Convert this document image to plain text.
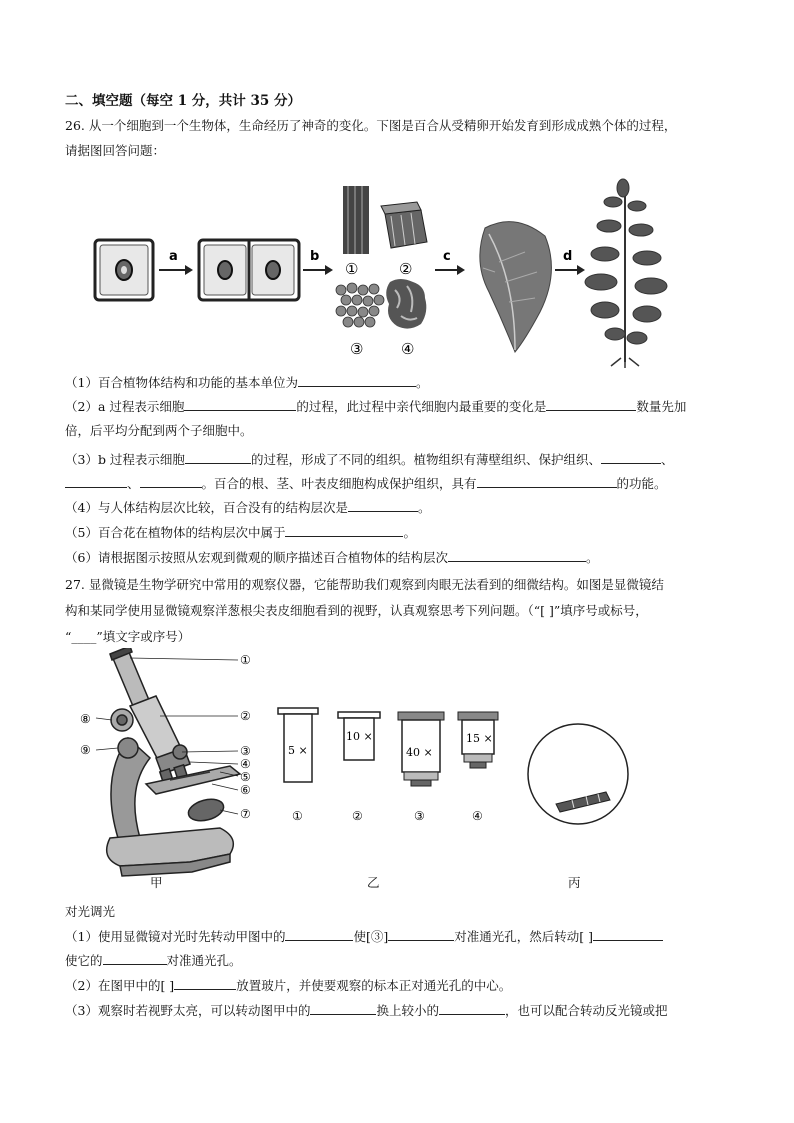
二、填空题（每空 1 分，共计 35 分）
26. 从一个细胞到一个生物体，生命经历了神奇的变化。下图是百合从受精卵开始发育到形成成熟个体的过程，
请据图回答问题：
a	b
①	②
③	④
c	d
（1）百合植物体结构和功能的基本单位为	。
（2）a 过程表示细胞	的过程，此过程中亲代细胞内最重要的变化是	数量先加
倍，后平均分配到两个子细胞中。
（3）b 过程表示细胞	的过程，形成了不同的组织。植物组织有薄壁组织、保护组织、	、
、	。百合的根、茎、叶表皮细胞构成保护组织，具有	的功能。
（4）与人体结构层次比较，百合没有的结构层次是	。
（5）百合花在植物体的结构层次中属于	。
（6）请根据图示按照从宏观到微观的顺序描述百合植物体的结构层次	。
27. 显微镜是生物学研究中常用的观察仪器，它能帮助我们观察到肉眼无法看到的细微结构。如图是显微镜结
构和某同学使用显微镜观察洋葱根尖表皮细胞看到的视野，认真观察思考下列问题。（“[ ]”填序号或标号，
“____”填文字或序号）
①
②
③
④
⑤
⑥
⑦
⑧
⑨	5 ×
10 ×
40 ×
15 ×
①	②	③	④
甲	乙	丙
对光调光
（1）使用显微镜对光时先转动甲图中的	使[③]	对准通光孔，然后转动[ ]
使它的	对准通光孔。
（2）在图甲中的[ ]	放置玻片，并使要观察的标本正对通光孔的中心。
（3）观察时若视野太亮，可以转动图甲中的	换上较小的	，也可以配合转动反光镜或把
